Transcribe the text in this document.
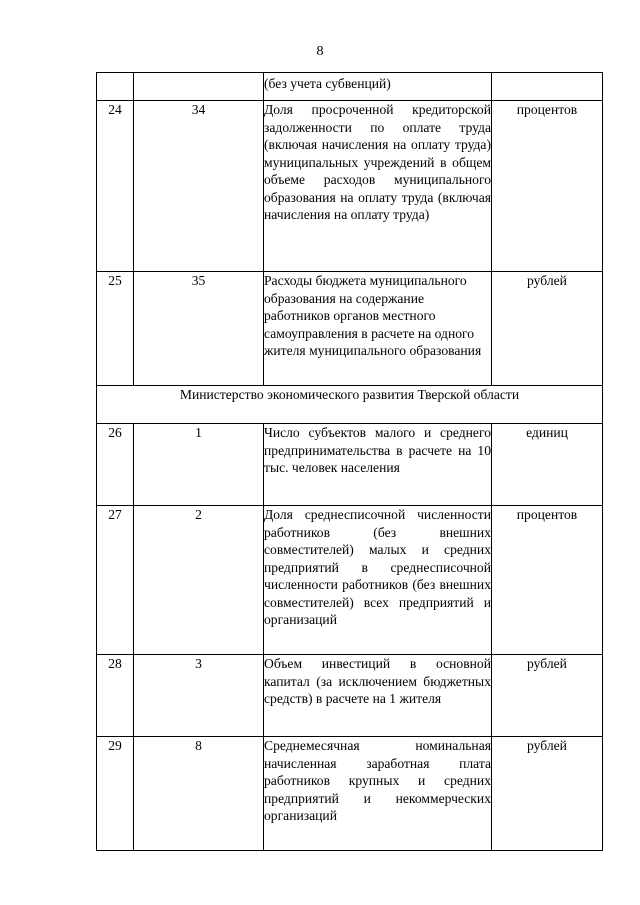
8
		(без учета субвенций)	
24	34	Доля просроченной кредиторской задолженности по оплате труда (включая начисления на оплату труда) муниципальных учреждений в общем объеме расходов муниципального образования на оплату труда (включая начисления на оплату труда)	процентов
25	35	Расходы бюджета муниципального образования на содержание работников органов местного самоуправления в расчете на одного жителя муниципального образования	рублей
Министерство экономического развития Тверской области			
26	1	Число субъектов малого и среднего предпринимательства в расчете на 10 тыс. человек населения	единиц
27	2	Доля среднесписочной численности работников (без внешних совместителей) малых и средних предприятий в среднесписочной численности работников (без внешних совместителей) всех предприятий и организаций	процентов
28	3	Объем инвестиций в основной капитал (за исключением бюджетных средств) в расчете на 1 жителя	рублей
29	8	Среднемесячная номинальная начисленная заработная плата работников крупных и средних предприятий и некоммерческих организаций	рублей
